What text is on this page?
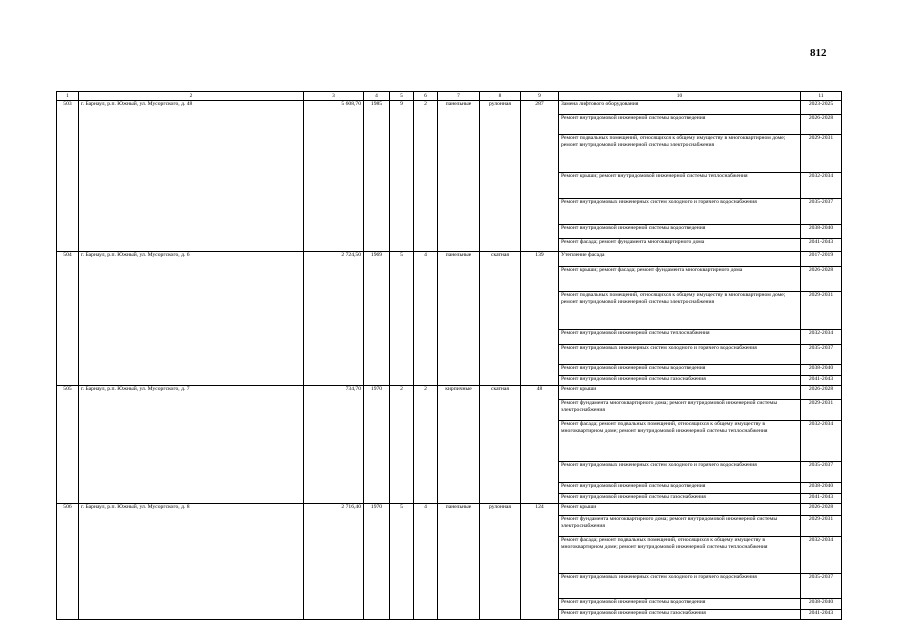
812
1	2	3	4	5	6	7	8	9	10	11
503	г. Барнаул, р.п. Южный, ул. Мусоргского, д. 48	5 608,70	1985	9	2	панельные	рулонная	287	Замена лифтового оборудования	2023-2025
									Ремонт внутридомовой инженерной системы водоотведения	2026-2028
									Ремонт подвальных помещений, относящихся к общему имуществу в многоквартирном доме; ремонт внутридомовой инженерной системы электроснабжения	2029-2031
									Ремонт крыши; ремонт внутридомовой инженерной системы теплоснабжения	2032-2034
									Ремонт внутридомовых инженерных систем холодного и горячего водоснабжения	2035-2037
									Ремонт внутридомовой инженерной системы водоотведения	2038-2040
									Ремонт фасада; ремонт фундамента многоквартирного дома	2041-2043
504	г. Барнаул, р.п. Южный, ул. Мусоргского, д. 6	2 724,50	1969	5	4	панельные	скатная	139	Утепление фасада	2017-2019
									Ремонт крыши; ремонт фасада; ремонт фундамента многоквартирного дома	2026-2028
									Ремонт подвальных помещений, относящихся к общему имуществу в многоквартирном доме; ремонт внутридомовой инженерной системы электроснабжения	2029-2031
									Ремонт внутридомовой инженерной системы теплоснабжения	2032-2034
									Ремонт внутридомовых инженерных систем холодного и горячего водоснабжения	2035-2037
									Ремонт внутридомовой инженерной системы водоотведения	2038-2040
									Ремонт внутридомовой инженерной системы газоснабжения	2041-2043
505	г. Барнаул, р.п. Южный, ул. Мусоргского, д. 7	734,70	1970	2	2	кирпичные	скатная	48	Ремонт крыши	2026-2028
									Ремонт фундамента многоквартирного дома; ремонт внутридомовой инженерной системы электроснабжения	2029-2031
									Ремонт фасада; ремонт подвальных помещений, относящихся к общему имуществу в многоквартирном доме; ремонт внутридомовой инженерной системы теплоснабжения	2032-2034
									Ремонт внутридомовых инженерных систем холодного и горячего водоснабжения	2035-2037
									Ремонт внутридомовой инженерной системы водоотведения	2038-2040
									Ремонт внутридомовой инженерной системы газоснабжения	2041-2043
506	г. Барнаул, р.п. Южный, ул. Мусоргского, д. 8	2 716,40	1970	5	4	панельные	рулонная	124	Ремонт крыши	2026-2028
									Ремонт фундамента многоквартирного дома; ремонт внутридомовой инженерной системы электроснабжения	2029-2031
									Ремонт фасада; ремонт подвальных помещений, относящихся к общему имуществу в многоквартирном доме; ремонт внутридомовой инженерной системы теплоснабжения	2032-2034
									Ремонт внутридомовых инженерных систем холодного и горячего водоснабжения	2035-2037
									Ремонт внутридомовой инженерной системы водоотведения	2038-2040
									Ремонт внутридомовой инженерной системы газоснабжения	2041-2043
